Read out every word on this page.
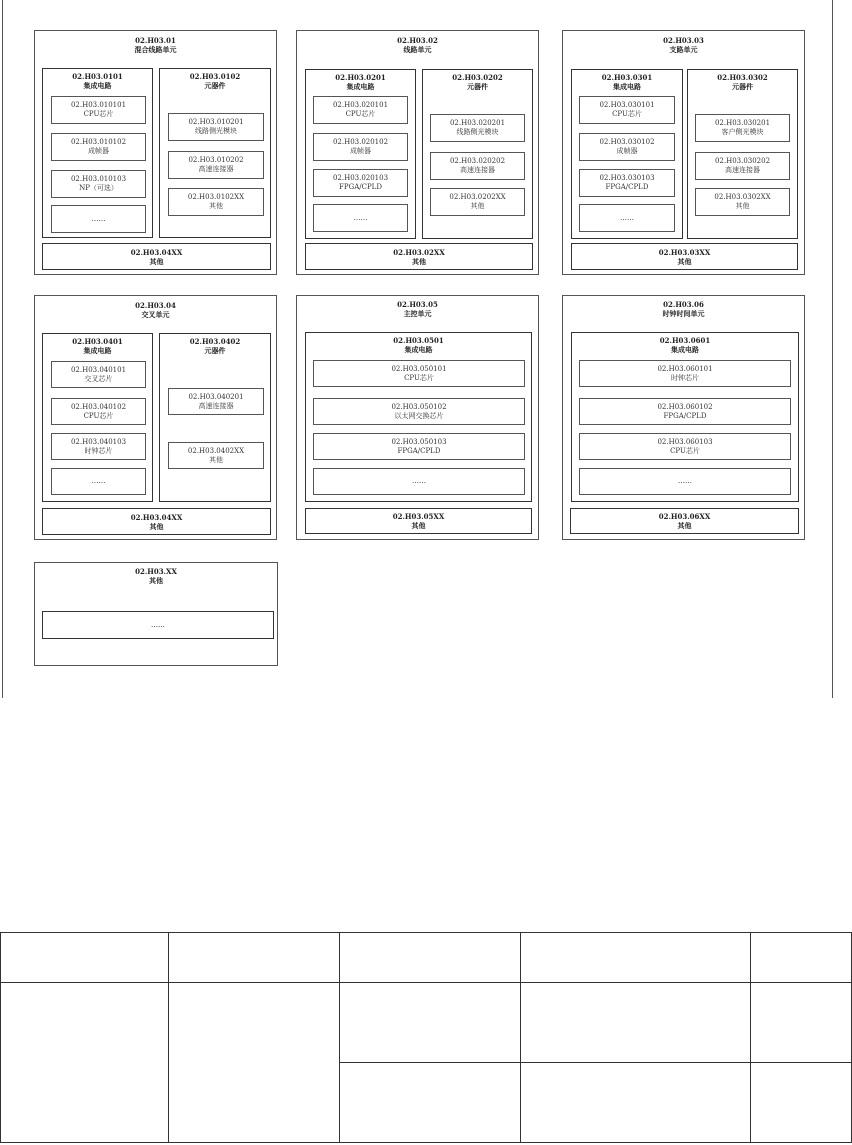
02.H03.01
混合线路单元
02.H03.0101
集成电路
02.H03.010101
CPU芯片
02.H03.010102
成帧器
02.H03.010103
NP（可选）
……
02.H03.0102
元器件
02.H03.010201
线路侧光模块
02.H03.010202
高速连接器
02.H03.0102XX
其他
02.H03.04XX
其他
02.H03.02
线路单元
02.H03.0201
集成电路
02.H03.020101
CPU芯片
02.H03.020102
成帧器
02.H03.020103
FPGA/CPLD
……
02.H03.0202
元器件
02.H03.020201
线路侧光模块
02.H03.020202
高速连接器
02.H03.0202XX
其他
02.H03.02XX
其他
02.H03.03
支路单元
02.H03.0301
集成电路
02.H03.030101
CPU芯片
02.H03.030102
成帧器
02.H03.030103
FPGA/CPLD
……
02.H03.0302
元器件
02.H03.030201
客户侧光模块
02.H03.030202
高速连接器
02.H03.0302XX
其他
02.H03.03XX
其他
02.H03.04
交叉单元
02.H03.0401
集成电路
02.H03.040101
交叉芯片
02.H03.040102
CPU芯片
02.H03.040103
时钟芯片
……
02.H03.0402
元器件
02.H03.040201
高速连接器
02.H03.0402XX
其他
02.H03.04XX
其他
02.H03.05
主控单元
02.H03.0501
集成电路
02.H03.050101
CPU芯片
02.H03.050102
以太网交换芯片
02.H03.050103
FPGA/CPLD
……
02.H03.05XX
其他
02.H03.06
时钟时间单元
02.H03.0601
集成电路
02.H03.060101
时钟芯片
02.H03.060102
FPGA/CPLD
02.H03.060103
CPU芯片
……
02.H03.06XX
其他
02.H03.XX
其他
……
